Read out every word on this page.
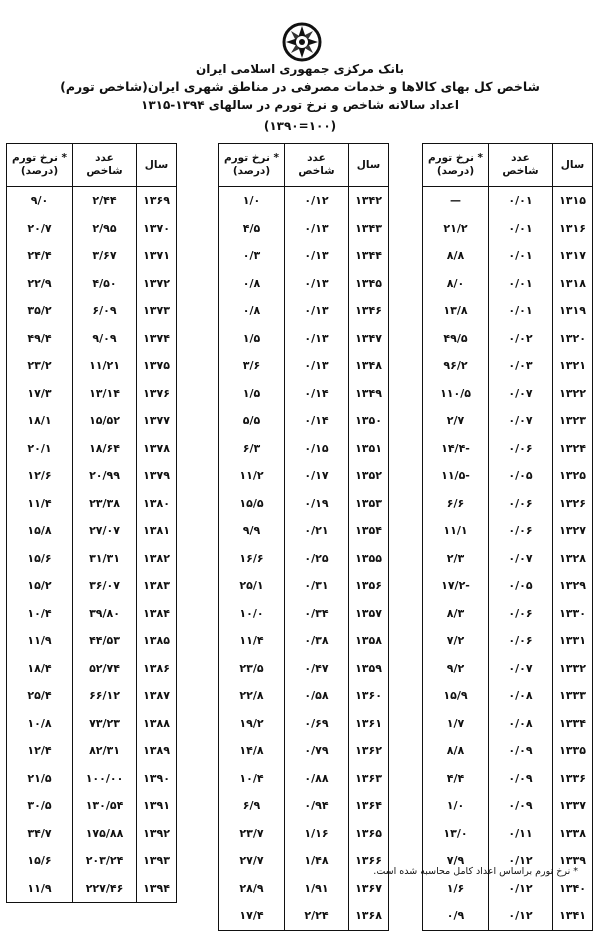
بانک مرکزی جمهوری اسلامی ایران
شاخص کل بهای کالاها و خدمات مصرفی در مناطق شهری ایران(شاخص تورم)
اعداد سالانه شاخص و نرخ تورم در سالهای ۱۳۹۴-۱۳۱۵
(۱۰۰=۱۳۹۰)
سال	عدد
شاخص	* نرخ تورم
(درصد)
۱۳۱۵	۰/۰۱	—
۱۳۱۶	۰/۰۱	۲۱/۲
۱۳۱۷	۰/۰۱	۸/۸
۱۳۱۸	۰/۰۱	۸/۰
۱۳۱۹	۰/۰۱	۱۳/۸
۱۳۲۰	۰/۰۲	۴۹/۵
۱۳۲۱	۰/۰۳	۹۶/۲
۱۳۲۲	۰/۰۷	۱۱۰/۵
۱۳۲۳	۰/۰۷	۲/۷
۱۳۲۴	۰/۰۶	-۱۴/۴
۱۳۲۵	۰/۰۵	-۱۱/۵
۱۳۲۶	۰/۰۶	۶/۶
۱۳۲۷	۰/۰۶	۱۱/۱
۱۳۲۸	۰/۰۷	۲/۳
۱۳۲۹	۰/۰۵	-۱۷/۲
۱۳۳۰	۰/۰۶	۸/۳
۱۳۳۱	۰/۰۶	۷/۲
۱۳۳۲	۰/۰۷	۹/۲
۱۳۳۳	۰/۰۸	۱۵/۹
۱۳۳۴	۰/۰۸	۱/۷
۱۳۳۵	۰/۰۹	۸/۸
۱۳۳۶	۰/۰۹	۴/۴
۱۳۳۷	۰/۰۹	۱/۰
۱۳۳۸	۰/۱۱	۱۳/۰
۱۳۳۹	۰/۱۲	۷/۹
۱۳۴۰	۰/۱۲	۱/۶
۱۳۴۱	۰/۱۲	۰/۹
سال	عدد
شاخص	* نرخ تورم
(درصد)
۱۳۴۲	۰/۱۲	۱/۰
۱۳۴۳	۰/۱۳	۴/۵
۱۳۴۴	۰/۱۳	۰/۳
۱۳۴۵	۰/۱۳	۰/۸
۱۳۴۶	۰/۱۳	۰/۸
۱۳۴۷	۰/۱۳	۱/۵
۱۳۴۸	۰/۱۳	۳/۶
۱۳۴۹	۰/۱۴	۱/۵
۱۳۵۰	۰/۱۴	۵/۵
۱۳۵۱	۰/۱۵	۶/۳
۱۳۵۲	۰/۱۷	۱۱/۲
۱۳۵۳	۰/۱۹	۱۵/۵
۱۳۵۴	۰/۲۱	۹/۹
۱۳۵۵	۰/۲۵	۱۶/۶
۱۳۵۶	۰/۳۱	۲۵/۱
۱۳۵۷	۰/۳۴	۱۰/۰
۱۳۵۸	۰/۳۸	۱۱/۴
۱۳۵۹	۰/۴۷	۲۳/۵
۱۳۶۰	۰/۵۸	۲۲/۸
۱۳۶۱	۰/۶۹	۱۹/۲
۱۳۶۲	۰/۷۹	۱۴/۸
۱۳۶۳	۰/۸۸	۱۰/۴
۱۳۶۴	۰/۹۴	۶/۹
۱۳۶۵	۱/۱۶	۲۳/۷
۱۳۶۶	۱/۴۸	۲۷/۷
۱۳۶۷	۱/۹۱	۲۸/۹
۱۳۶۸	۲/۲۴	۱۷/۴
سال	عدد
شاخص	* نرخ تورم
(درصد)
۱۳۶۹	۲/۴۴	۹/۰
۱۳۷۰	۲/۹۵	۲۰/۷
۱۳۷۱	۳/۶۷	۲۴/۴
۱۳۷۲	۴/۵۰	۲۲/۹
۱۳۷۳	۶/۰۹	۳۵/۲
۱۳۷۴	۹/۰۹	۴۹/۴
۱۳۷۵	۱۱/۲۱	۲۳/۲
۱۳۷۶	۱۳/۱۴	۱۷/۳
۱۳۷۷	۱۵/۵۲	۱۸/۱
۱۳۷۸	۱۸/۶۴	۲۰/۱
۱۳۷۹	۲۰/۹۹	۱۲/۶
۱۳۸۰	۲۳/۳۸	۱۱/۴
۱۳۸۱	۲۷/۰۷	۱۵/۸
۱۳۸۲	۳۱/۳۱	۱۵/۶
۱۳۸۳	۳۶/۰۷	۱۵/۲
۱۳۸۴	۳۹/۸۰	۱۰/۴
۱۳۸۵	۴۴/۵۳	۱۱/۹
۱۳۸۶	۵۲/۷۴	۱۸/۴
۱۳۸۷	۶۶/۱۲	۲۵/۴
۱۳۸۸	۷۳/۲۳	۱۰/۸
۱۳۸۹	۸۲/۳۱	۱۲/۴
۱۳۹۰	۱۰۰/۰۰	۲۱/۵
۱۳۹۱	۱۳۰/۵۴	۳۰/۵
۱۳۹۲	۱۷۵/۸۸	۳۴/۷
۱۳۹۳	۲۰۳/۲۴	۱۵/۶
۱۳۹۴	۲۲۷/۴۶	۱۱/۹
* نرخ تورم براساس اعداد کامل محاسبه شده است.
